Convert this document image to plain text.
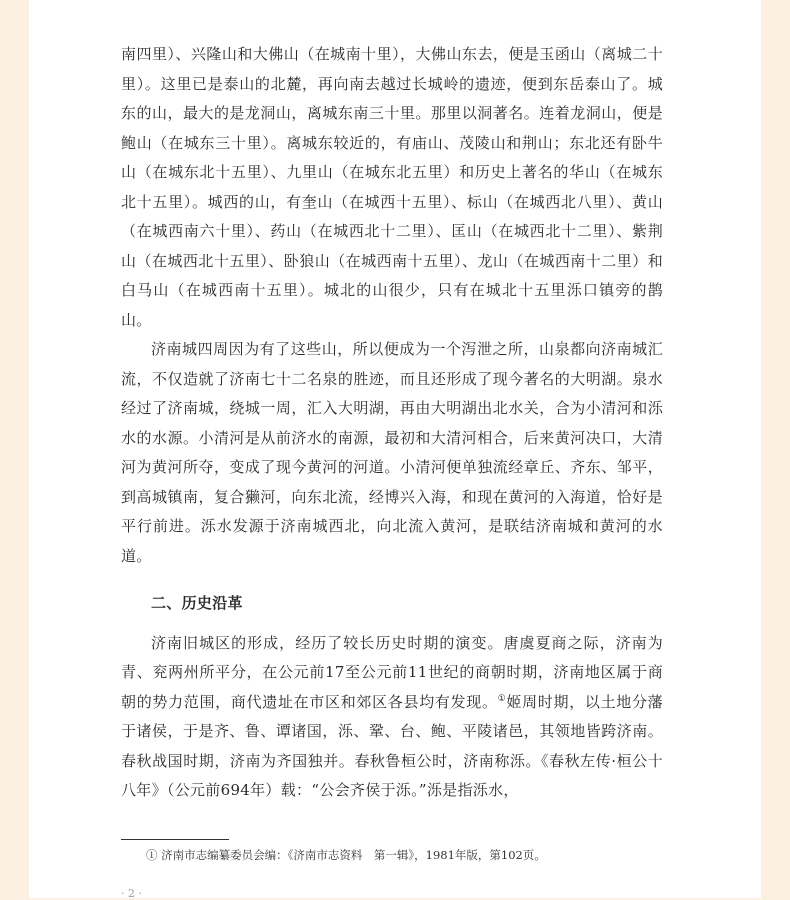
南四里）、兴隆山和大佛山（在城南十里），大佛山东去，便是玉函山（离城二十里）。这里已是泰山的北麓，再向南去越过长城岭的遗迹，便到东岳泰山了。城东的山，最大的是龙洞山，离城东南三十里。那里以洞著名。连着龙洞山，便是鲍山（在城东三十里）。离城东较近的，有庙山、茂陵山和荆山；东北还有卧牛山（在城东北十五里）、九里山（在城东北五里）和历史上著名的华山（在城东北十五里）。城西的山，有奎山（在城西十五里）、标山（在城西北八里）、黄山（在城西南六十里）、药山（在城西北十二里）、匡山（在城西北十二里）、紫荆山（在城西北十五里）、卧狼山（在城西南十五里）、龙山（在城西南十二里）和白马山（在城西南十五里）。城北的山很少，只有在城北十五里泺口镇旁的鹊山。

济南城四周因为有了这些山，所以便成为一个泻泄之所，山泉都向济南城汇流，不仅造就了济南七十二名泉的胜迹，而且还形成了现今著名的大明湖。泉水经过了济南城，绕城一周，汇入大明湖，再由大明湖出北水关，合为小清河和泺水的水源。小清河是从前济水的南源，最初和大清河相合，后来黄河决口，大清河为黄河所夺，变成了现今黄河的河道。小清河便单独流经章丘、齐东、邹平，到高城镇南，复合獭河，向东北流，经博兴入海，和现在黄河的入海道，恰好是平行前进。泺水发源于济南城西北，向北流入黄河，是联结济南城和黄河的水道。

二、历史沿革

济南旧城区的形成，经历了较长历史时期的演变。唐虞夏商之际，济南为青、兖两州所平分，在公元前17至公元前11世纪的商朝时期，济南地区属于商朝的势力范围，商代遗址在市区和郊区各县均有发现。①姬周时期，以土地分藩于诸侯，于是齐、鲁、谭诸国，泺、鞏、台、鲍、平陵诸邑，其领地皆跨济南。春秋战国时期，济南为齐国独并。春秋鲁桓公时，济南称泺。《春秋左传·桓公十八年》（公元前694年）载：“公会齐侯于泺。”泺是指泺水，

① 济南市志编纂委员会编：《济南市志资料　第一辑》，1981年版，第102页。
· 2 ·
